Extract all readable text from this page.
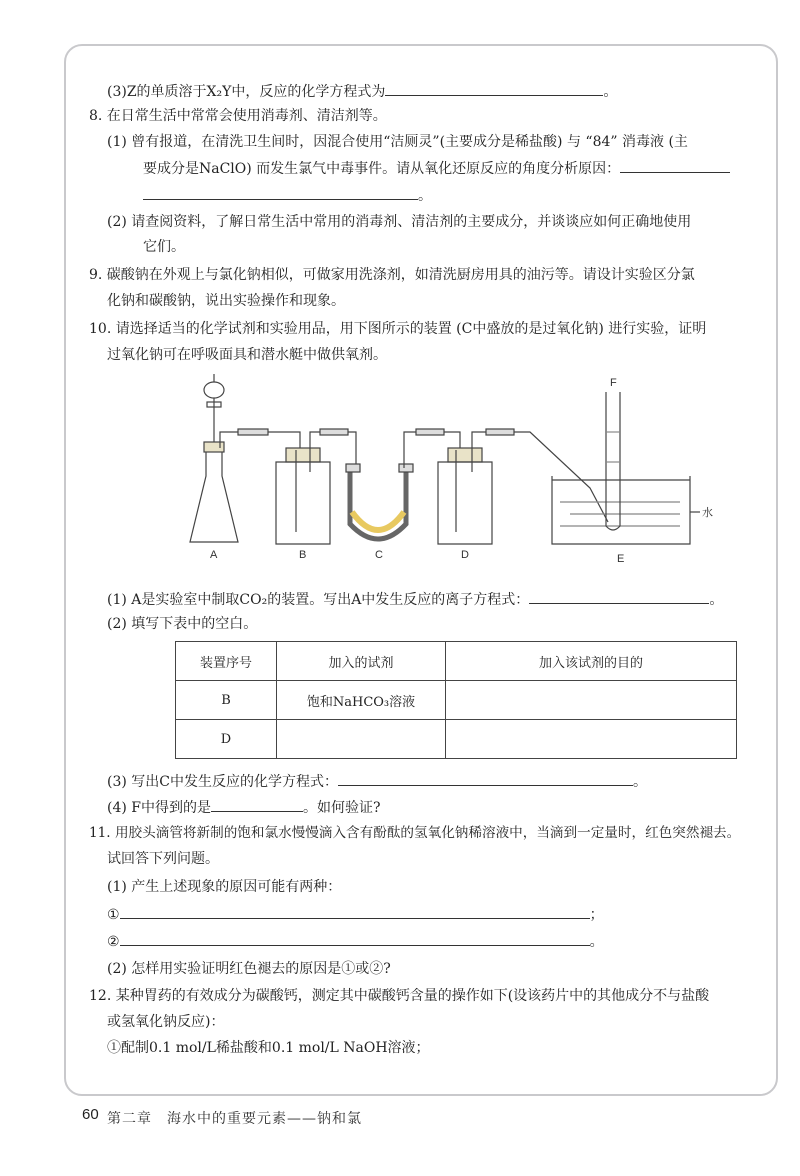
(3)Z的单质溶于X₂Y中，反应的化学方程式为	。
8. 在日常生活中常常会使用消毒剂、清洁剂等。
(1) 曾有报道，在清洗卫生间时，因混合使用“洁厕灵”(主要成分是稀盐酸) 与 “84” 消毒液 (主
要成分是NaClO) 而发生氯气中毒事件。请从氧化还原反应的角度分析原因：
。
(2) 请查阅资料，了解日常生活中常用的消毒剂、清洁剂的主要成分，并谈谈应如何正确地使用
它们。
9. 碳酸钠在外观上与氯化钠相似，可做家用洗涤剂，如清洗厨房用具的油污等。请设计实验区分氯
化钠和碳酸钠，说出实验操作和现象。
10. 请选择适当的化学试剂和实验用品，用下图所示的装置 (C中盛放的是过氧化钠) 进行实验，证明
过氧化钠可在呼吸面具和潜水艇中做供氧剂。
A	B	C	D	E
F
水
(1) A是实验室中制取CO₂的装置。写出A中发生反应的离子方程式：	。
(2) 填写下表中的空白。
装置序号	加入的试剂	加入该试剂的目的
B	饱和NaHCO₃溶液	
D		
(3) 写出C中发生反应的化学方程式：	。
(4) F中得到的是	。如何验证?
11. 用胶头滴管将新制的饱和氯水慢慢滴入含有酚酞的氢氧化钠稀溶液中，当滴到一定量时，红色突然褪去。
试回答下列问题。
(1) 产生上述现象的原因可能有两种：
①	；
②	。
(2) 怎样用实验证明红色褪去的原因是①或②?
12. 某种胃药的有效成分为碳酸钙，测定其中碳酸钙含量的操作如下(设该药片中的其他成分不与盐酸
或氢氧化钠反应)：
①配制0.1 mol/L稀盐酸和0.1 mol/L NaOH溶液；
60 第二章　海水中的重要元素——钠和氯
